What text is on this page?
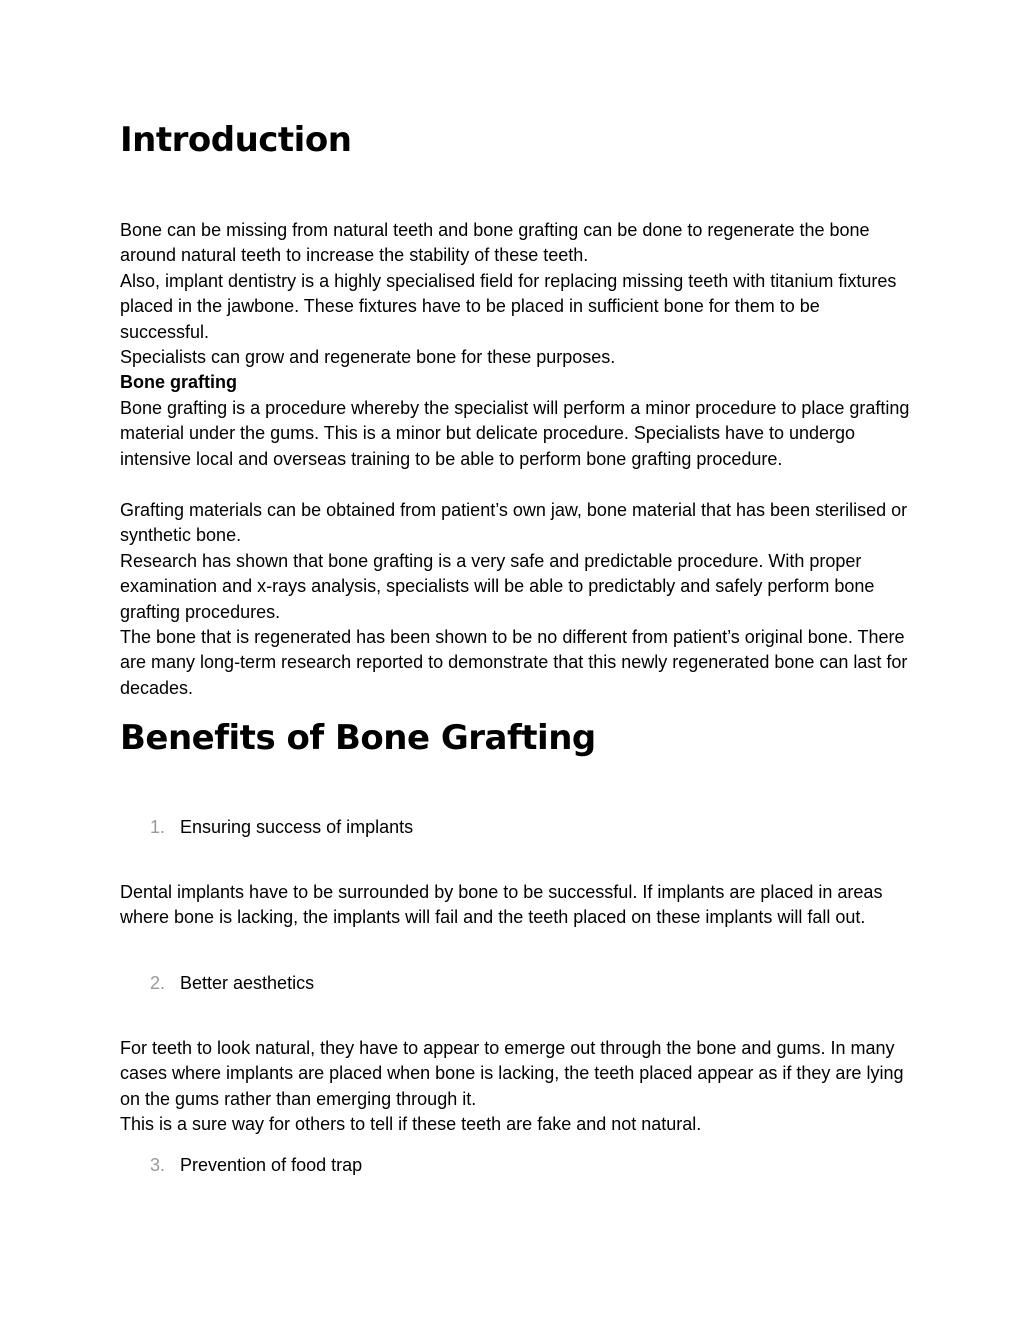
Introduction

Bone can be missing from natural teeth and bone grafting can be done to regenerate the bone around natural teeth to increase the stability of these teeth.

Also, implant dentistry is a highly specialised field for replacing missing teeth with titanium fixtures placed in the jawbone. These fixtures have to be placed in sufficient bone for them to be successful.

Specialists can grow and regenerate bone for these purposes.

Bone grafting

Bone grafting is a procedure whereby the specialist will perform a minor procedure to place grafting material under the gums. This is a minor but delicate procedure. Specialists have to undergo intensive local and overseas training to be able to perform bone grafting procedure.

Grafting materials can be obtained from patient’s own jaw, bone material that has been sterilised or synthetic bone.

Research has shown that bone grafting is a very safe and predictable procedure. With proper examination and x-rays analysis, specialists will be able to predictably and safely perform bone grafting procedures.

The bone that is regenerated has been shown to be no different from patient’s original bone. There are many long-term research reported to demonstrate that this newly regenerated bone can last for decades.

Benefits of Bone Grafting
1. Ensuring success of implants

Dental implants have to be surrounded by bone to be successful. If implants are placed in areas where bone is lacking, the implants will fail and the teeth placed on these implants will fall out.

2. Better aesthetics

For teeth to look natural, they have to appear to emerge out through the bone and gums. In many cases where implants are placed when bone is lacking, the teeth placed appear as if they are lying on the gums rather than emerging through it.

This is a sure way for others to tell if these teeth are fake and not natural.

3. Prevention of food trap
